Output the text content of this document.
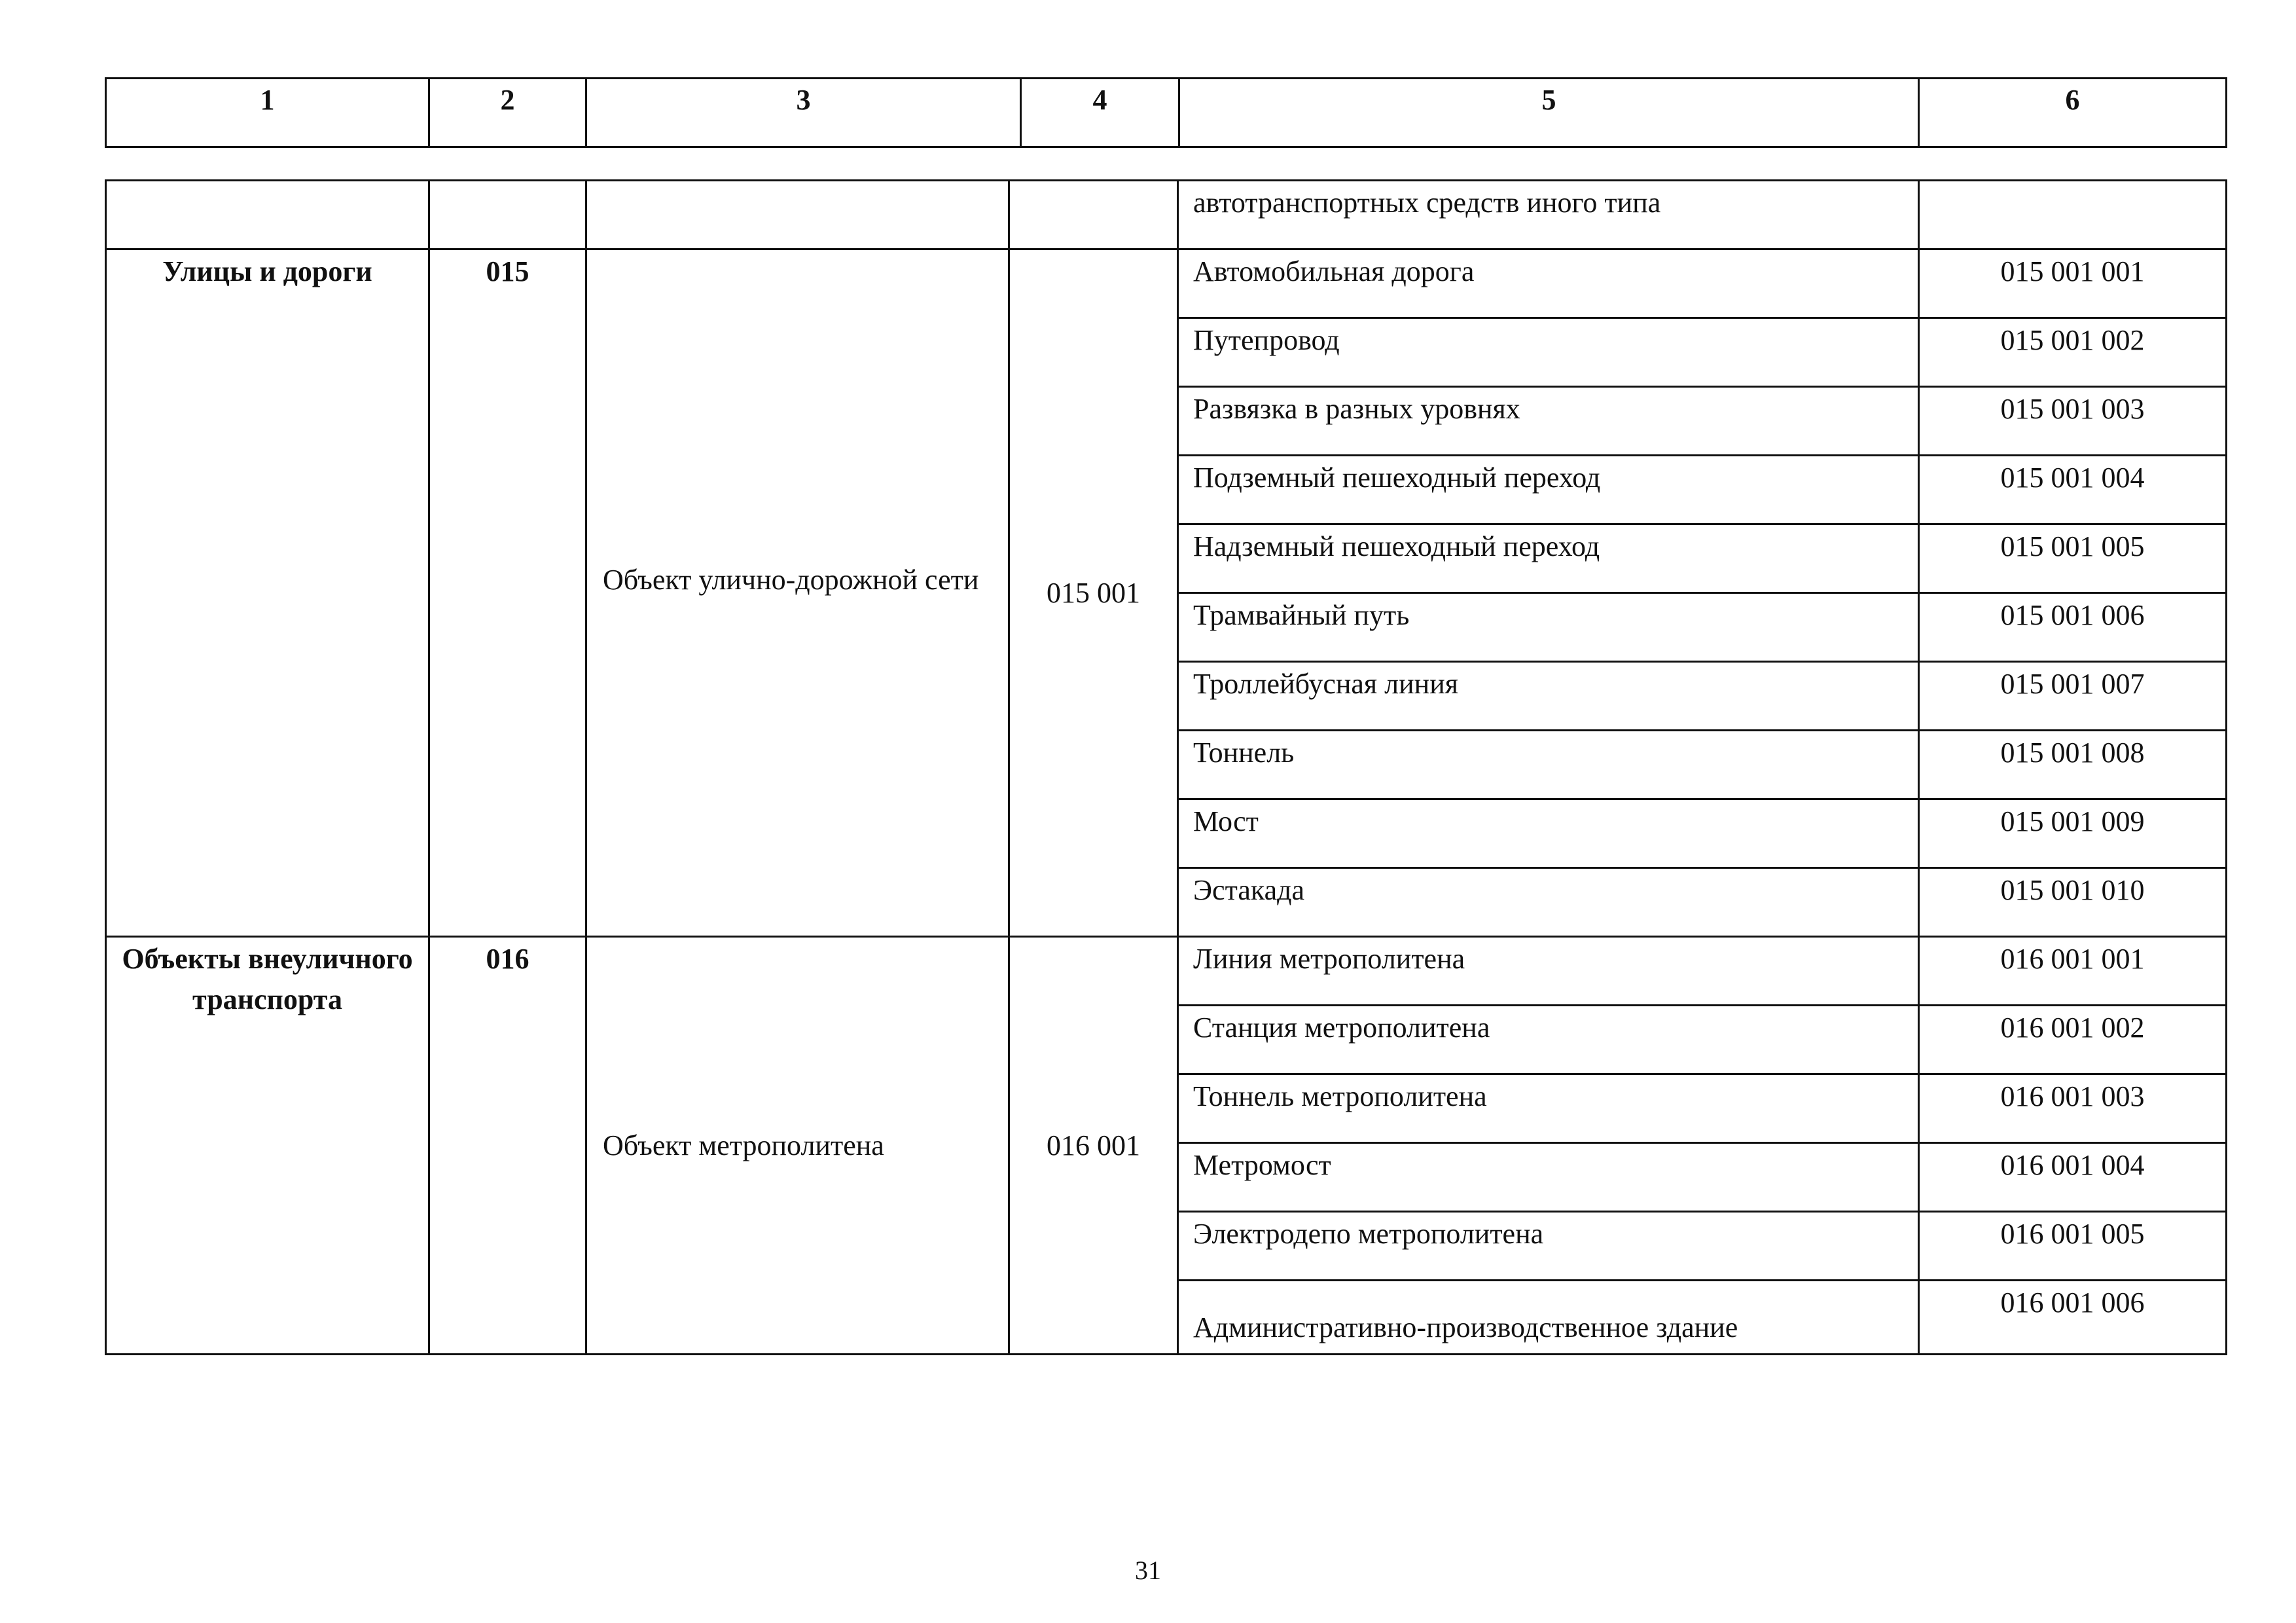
1	2	3	4	5	6
				автотранспортных средств иного типа	
Улицы и дороги	015	Объект улично-дорожной сети	015 001	Автомобильная дорога	015 001 001
				Путепровод	015 001 002
				Развязка в разных уровнях	015 001 003
				Подземный пешеходный переход	015 001 004
				Надземный пешеходный переход	015 001 005
				Трамвайный путь	015 001 006
				Троллейбусная линия	015 001 007
				Тоннель	015 001 008
				Мост	015 001 009
				Эстакада	015 001 010
Объекты внеуличного транспорта	016	Объект метрополитена	016 001	Линия метрополитена	016 001 001
				Станция метрополитена	016 001 002
				Тоннель метрополитена	016 001 003
				Метромост	016 001 004
				Электродепо метрополитена	016 001 005
				Административно-производственное здание	016 001 006
31
